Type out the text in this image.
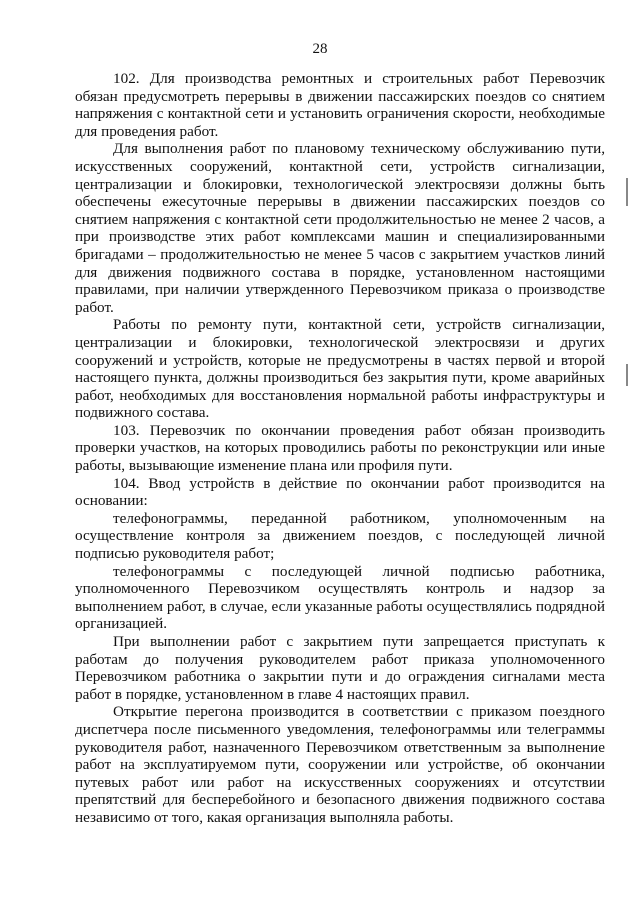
28

102. Для производства ремонтных и строительных работ Перевозчик обязан предусмотреть перерывы в движении пассажирских поездов со снятием напряжения с контактной сети и установить ограничения скорости, необходимые для проведения работ.

Для выполнения работ по плановому техническому обслуживанию пути, искусственных сооружений, контактной сети, устройств сигнализации, централизации и блокировки, технологической электросвязи должны быть обеспечены ежесуточные перерывы в движении пассажирских поездов со снятием напряжения с контактной сети продолжительностью не менее 2 часов, а при производстве этих работ комплексами машин и специализированными бригадами – продолжительностью не менее 5 часов с закрытием участков линий для движения подвижного состава в порядке, установленном настоящими правилами, при наличии утвержденного Перевозчиком приказа о производстве работ.

Работы по ремонту пути, контактной сети, устройств сигнализации, централизации и блокировки, технологической электросвязи и других сооружений и устройств, которые не предусмотрены в частях первой и второй настоящего пункта, должны производиться без закрытия пути, кроме аварийных работ, необходимых для восстановления нормальной работы инфраструктуры и подвижного состава.

103. Перевозчик по окончании проведения работ обязан производить проверки участков, на которых проводились работы по реконструкции или иные работы, вызывающие изменение плана или профиля пути.

104. Ввод устройств в действие по окончании работ производится на основании:

телефонограммы, переданной работником, уполномоченным на осуществление контроля за движением поездов, с последующей личной подписью руководителя работ;

телефонограммы с последующей личной подписью работника, уполномоченного Перевозчиком осуществлять контроль и надзор за выполнением работ, в случае, если указанные работы осуществлялись подрядной организацией.

При выполнении работ с закрытием пути запрещается приступать к работам до получения руководителем работ приказа уполномоченного Перевозчиком работника о закрытии пути и до ограждения сигналами места работ в порядке, установленном в главе 4 настоящих правил.

Открытие перегона производится в соответствии с приказом поездного диспетчера после письменного уведомления, телефонограммы или телеграммы руководителя работ, назначенного Перевозчиком ответственным за выполнение работ на эксплуатируемом пути, сооружении или устройстве, об окончании путевых работ или работ на искусственных сооружениях и отсутствии препятствий для бесперебойного и безопасного движения подвижного состава независимо от того, какая организация выполняла работы.
